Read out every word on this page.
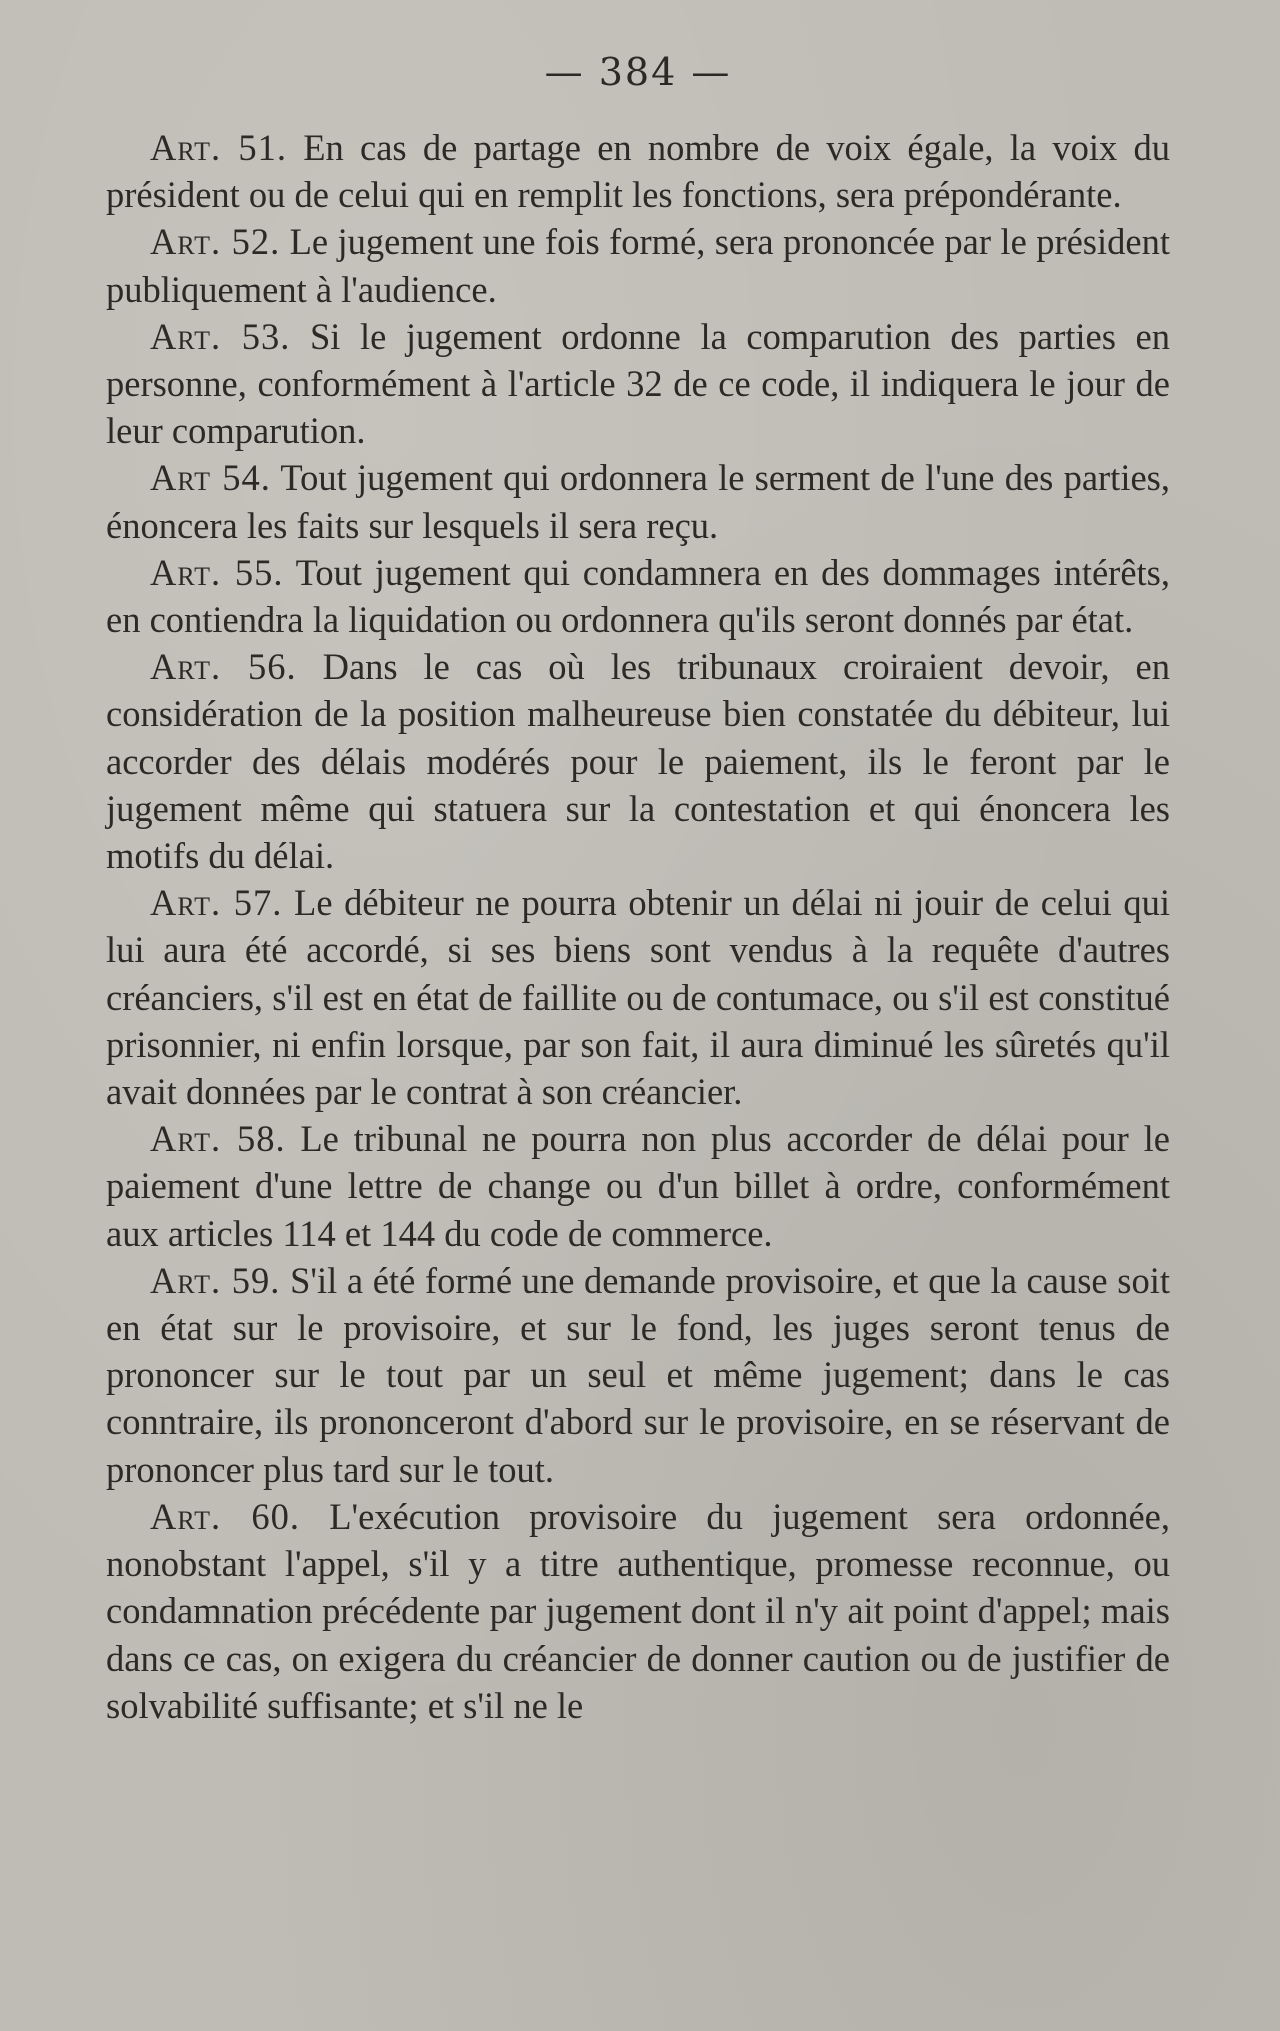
— 384 —

Art. 51. En cas de partage en nombre de voix égale, la voix du président ou de celui qui en remplit les fonctions, sera prépondérante.

Art. 52. Le jugement une fois formé, sera prononcée par le président publiquement à l'audience.

Art. 53. Si le jugement ordonne la comparution des parties en personne, conformément à l'article 32 de ce code, il indiquera le jour de leur comparution.

Art 54. Tout jugement qui ordonnera le serment de l'une des parties, énoncera les faits sur lesquels il sera reçu.

Art. 55. Tout jugement qui condamnera en des dommages intérêts, en contiendra la liquidation ou ordonnera qu'ils seront donnés par état.

Art. 56. Dans le cas où les tribunaux croiraient devoir, en considération de la position malheureuse bien constatée du débiteur, lui accorder des délais modérés pour le paiement, ils le feront par le jugement même qui statuera sur la contestation et qui énoncera les motifs du délai.

Art. 57. Le débiteur ne pourra obtenir un délai ni jouir de celui qui lui aura été accordé, si ses biens sont vendus à la requête d'autres créanciers, s'il est en état de faillite ou de contumace, ou s'il est constitué prisonnier, ni enfin lorsque, par son fait, il aura diminué les sûretés qu'il avait données par le contrat à son créancier.

Art. 58. Le tribunal ne pourra non plus accorder de délai pour le paiement d'une lettre de change ou d'un billet à ordre, conformément aux articles 114 et 144 du code de commerce.

Art. 59. S'il a été formé une demande provisoire, et que la cause soit en état sur le provisoire, et sur le fond, les juges seront tenus de prononcer sur le tout par un seul et même jugement; dans le cas conntraire, ils prononceront d'abord sur le provisoire, en se réservant de prononcer plus tard sur le tout.

Art. 60. L'exécution provisoire du jugement sera ordonnée, nonobstant l'appel, s'il y a titre authentique, promesse reconnue, ou condamnation précédente par jugement dont il n'y ait point d'appel; mais dans ce cas, on exigera du créancier de donner caution ou de justifier de solvabilité suffisante; et s'il ne le
